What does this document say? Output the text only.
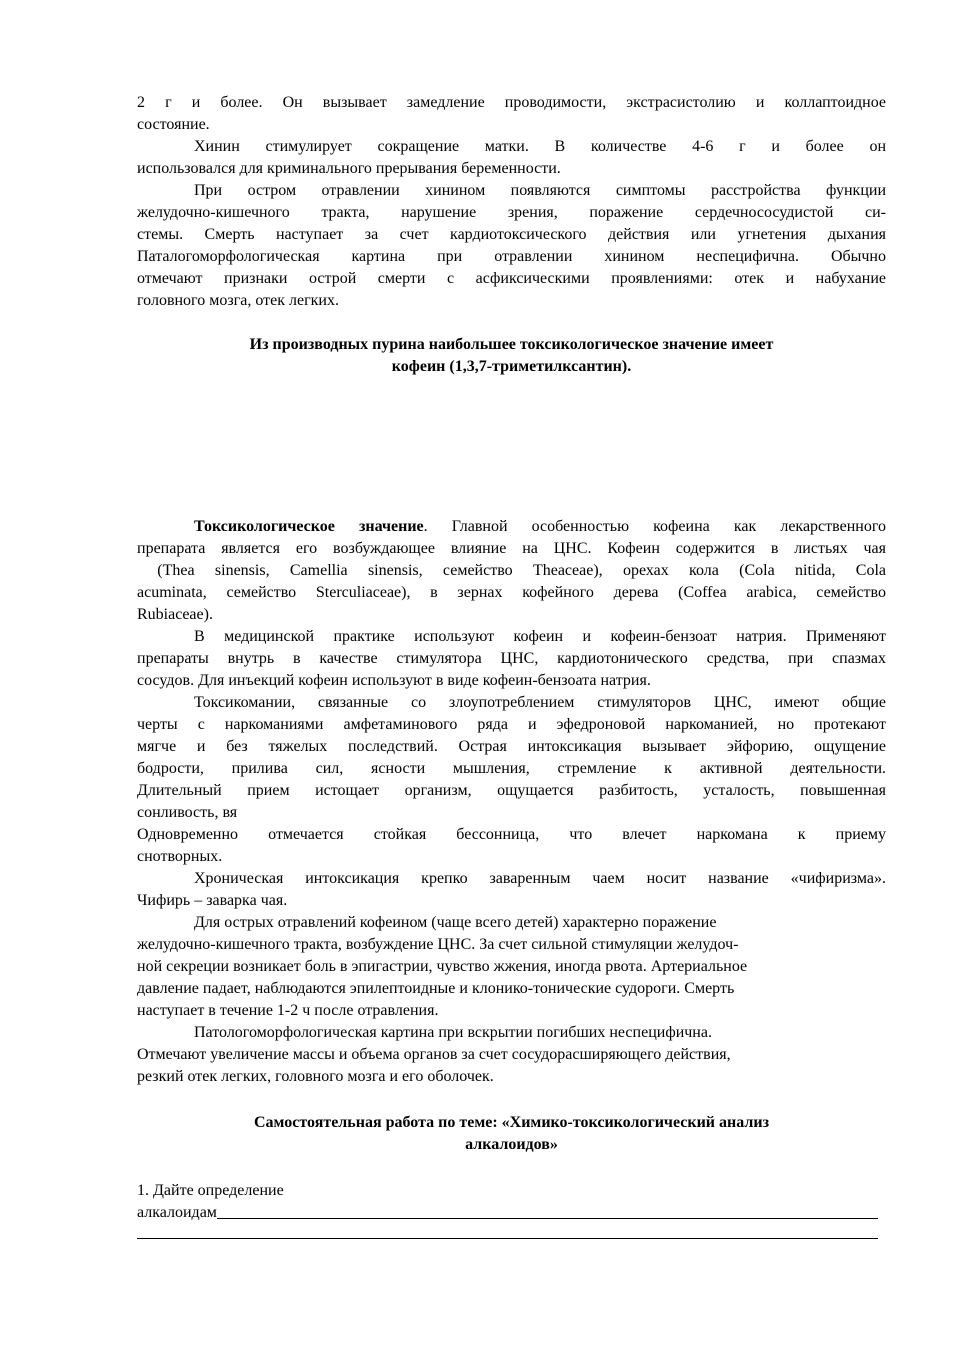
2 г и более. Он вызывает замедление проводимости, экстрасистолию и коллаптоидное

состояние.

Хинин стимулирует сокращение матки. В количестве 4-6 г и более он

использовался для криминального прерывания беременности.

При остром отравлении хинином появляются симптомы расстройства функции

желудочно-кишечного тракта, нарушение зрения, поражение сердечнососудистой си-

стемы. Смерть наступает за счет кардиотоксического действия или угнетения дыхания

Паталогоморфологическая картина при отравлении хинином неспецифична. Обычно

отмечают признаки острой смерти с асфиксическими проявлениями: отек и набухание

головного мозга, отек легких.

Из производных пурина наибольшее токсикологическое значение имеет

кофеин (1,3,7-триметилксантин).

Токсикологическое значение. Главной особенностью кофеина как лекарственного

препарата является его возбуждающее влияние на ЦНС. Кофеин содержится в листьях чая

(Thea sinensis, Camellia sinensis, семейство Theaceae), орехах кола (Cola nitida, Cola

acuminata, семейство Sterculiaceae), в зернах кофейного дерева (Coffea arabica, семейство

Rubiaceae).

В медицинской практике используют кофеин и кофеин-бензоат натрия. Применяют

препараты внутрь в качестве стимулятора ЦНС, кардиотонического средства, при спазмах

сосудов. Для инъекций кофеин используют в виде кофеин-бензоата натрия.

Токсикомании, связанные со злоупотреблением стимуляторов ЦНС, имеют общие

черты с наркоманиями амфетаминового ряда и эфедроновой наркоманией, но протекают

мягче и без тяжелых последствий. Острая интоксикация вызывает эйфорию, ощущение

бодрости, прилива сил, ясности мышления, стремление к активной деятельности.

Длительный прием истощает организм, ощущается разбитость, усталость, повышенная

сонливость, вя

Одновременно отмечается стойкая бессонница, что влечет наркомана к приему

снотворных.

Хроническая интоксикация крепко заваренным чаем носит название «чифиризма».

Чифирь – заварка чая.

Для острых отравлений кофеином (чаще всего детей) характерно поражение

желудочно-кишечного тракта, возбуждение ЦНС. За счет сильной стимуляции желудоч-

ной секреции возникает боль в эпигастрии, чувство жжения, иногда рвота. Артериальное

давление падает, наблюдаются эпилептоидные и клонико-тонические судороги. Смерть

наступает в течение 1-2 ч после отравления.

Патологоморфологическая картина при вскрытии погибших неспецифична.

Отмечают увеличение массы и объема органов за счет сосудорасширяющего действия,

резкий отек легких, головного мозга и его оболочек.

Самостоятельная работа по теме: «Химико-токсикологический анализ

алкалоидов»

1. Дайте определение

алкалоидам
